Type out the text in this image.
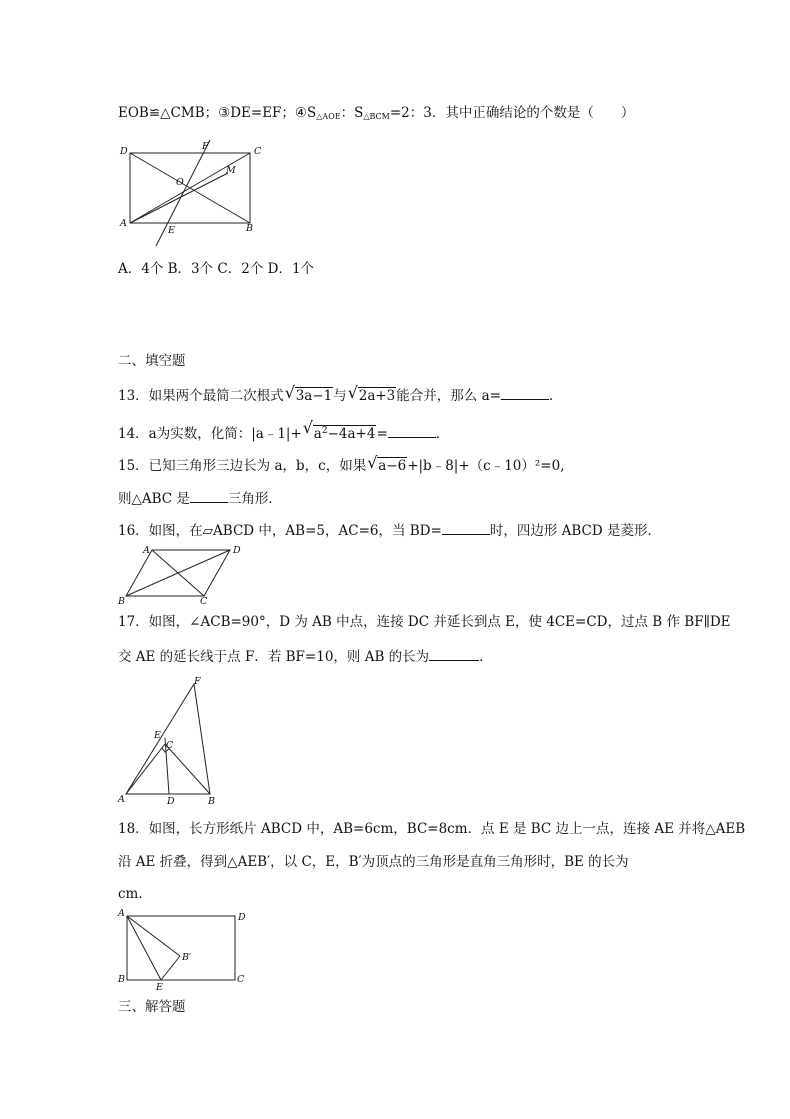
EOB≌△CMB；③DE=EF；$④S_{\triangle AOE}$：$S_{\triangle BCM}=2$：3．其中正确结论的个数是（　　）
D	F	C
O
M
A
E	B
A．4个 B．3个 C．2个 D．1个
二、填空题
13．如果两个最简二次根式 √ 3a−1与 √ 2a+3能合并，那么 a=	．
14．a为实数，化简：|a﹣1|+ √ $a^2-4a+4=$	．
15．已知三角形三边长为 a，b，c，如果 √ a−6+|b﹣8|+（c﹣10）²=0,
则△ABC 是	三角形．
16．如图，在▱ABCD 中，AB=5，AC=6，当 BD=	时，四边形 ABCD 是菱形．
A	D
B	C
17．如图，∠ACB=90°，D 为 AB 中点，连接 DC 并延长到点 E，使 4CE=CD，过点 B 作 BF∥DE
交 AE 的延长线于点 F．若 BF=10，则 AB 的长为	．
F
E
C
A	D	B
18．如图，长方形纸片 ABCD 中，AB=6cm，BC=8cm．点 E 是 BC 边上一点，连接 AE 并将△AEB
沿 AE 折叠，得到△AEB′，以 C，E，B′为顶点的三角形是直角三角形时，BE 的长为
cm．
A	D
B′
B
E
C
三、解答题
